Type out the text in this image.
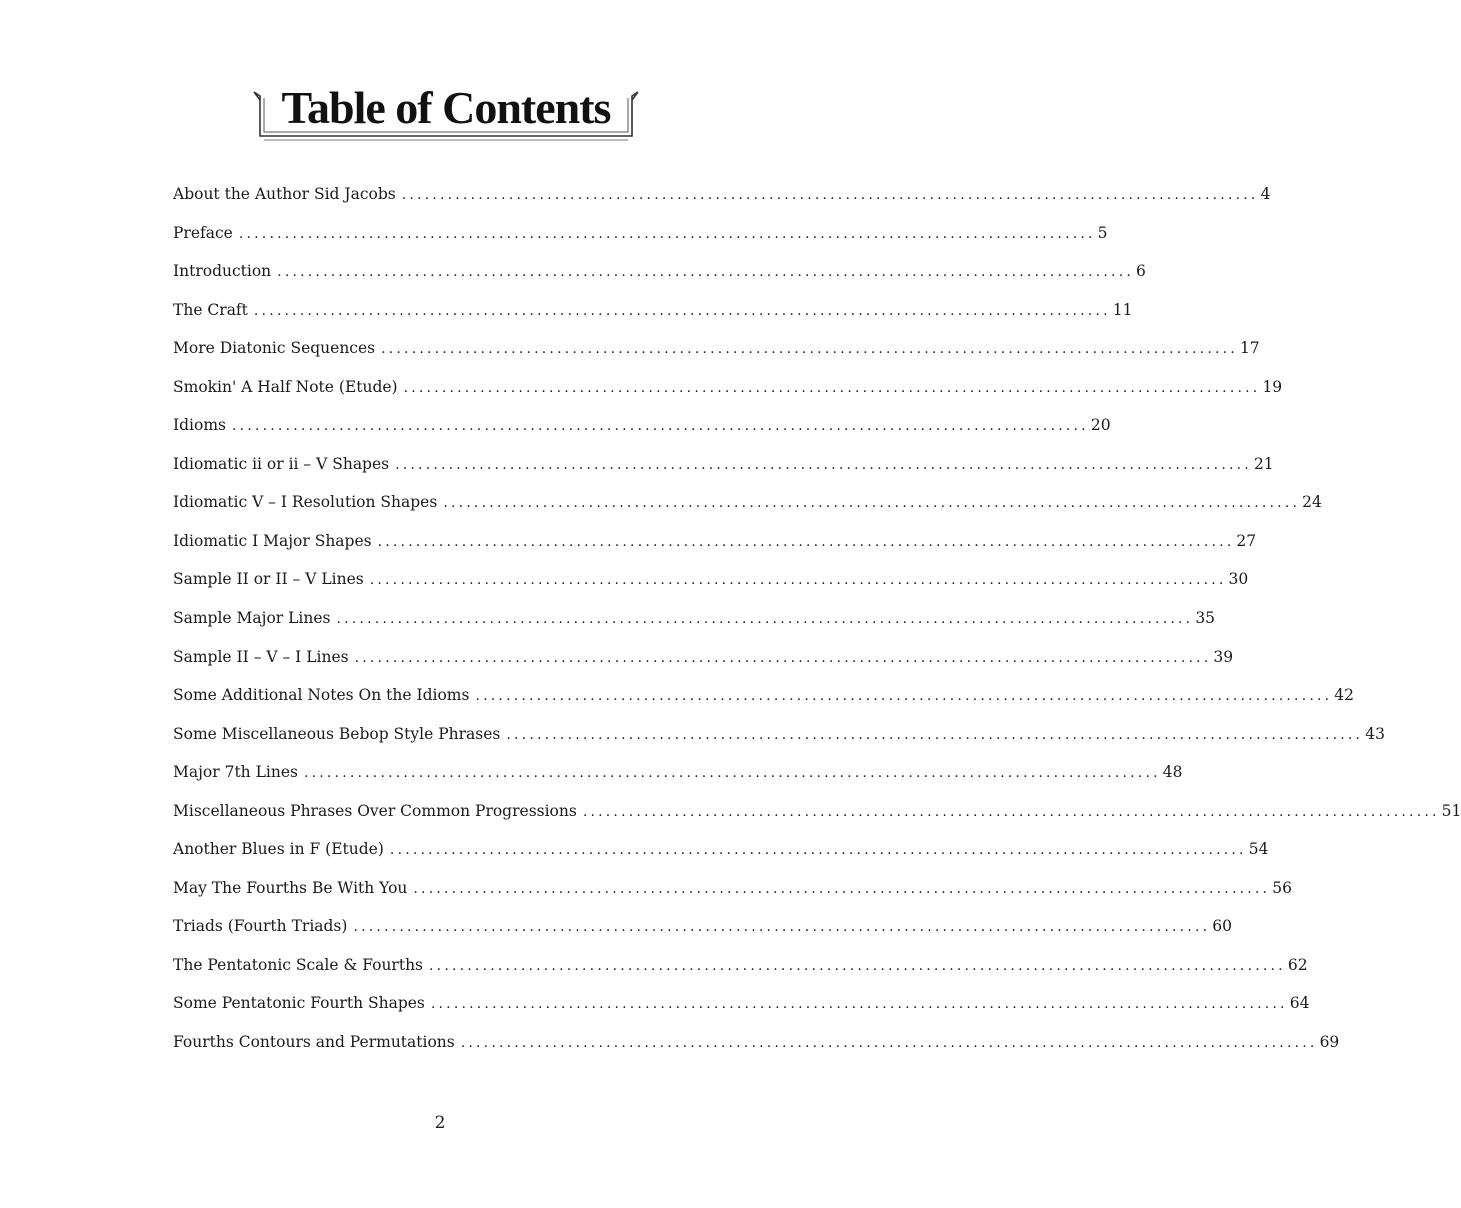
Table of Contents
About the Author Sid Jacobs ................................................................................................................ 4
Preface ................................................................................................................ 5
Introduction ................................................................................................................ 6
The Craft ................................................................................................................ 11
More Diatonic Sequences ................................................................................................................ 17
Smokin' A Half Note (Etude) ................................................................................................................ 19
Idioms ................................................................................................................ 20
Idiomatic ii or ii – V Shapes ................................................................................................................ 21
Idiomatic V – I Resolution Shapes ................................................................................................................ 24
Idiomatic I Major Shapes ................................................................................................................ 27
Sample II or II – V Lines ................................................................................................................ 30
Sample Major Lines ................................................................................................................ 35
Sample II – V – I Lines ................................................................................................................ 39
Some Additional Notes On the Idioms ................................................................................................................ 42
Some Miscellaneous Bebop Style Phrases ................................................................................................................ 43
Major 7th Lines ................................................................................................................ 48
Miscellaneous Phrases Over Common Progressions ................................................................................................................ 51
Another Blues in F (Etude) ................................................................................................................ 54
May The Fourths Be With You ................................................................................................................ 56
Triads (Fourth Triads) ................................................................................................................ 60
The Pentatonic Scale & Fourths ................................................................................................................ 62
Some Pentatonic Fourth Shapes ................................................................................................................ 64
Fourths Contours and Permutations ................................................................................................................ 69
2
